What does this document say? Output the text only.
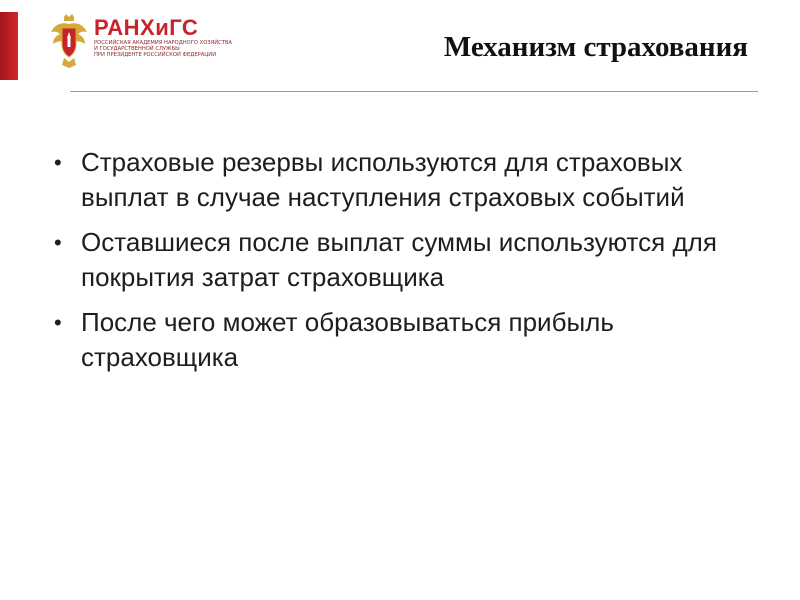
РАНХиГС
РОССИЙСКАЯ АКАДЕМИЯ НАРОДНОГО ХОЗЯЙСТВА
И ГОСУДАРСТВЕННОЙ СЛУЖБЫ
ПРИ ПРЕЗИДЕНТЕ РОССИЙСКОЙ ФЕДЕРАЦИИ	Механизм страхования
• Страховые резервы используются для страховых выплат в случае наступления страховых событий
• Оставшиеся после выплат суммы используются для покрытия затрат страховщика
• После чего может образовываться прибыль страховщика
